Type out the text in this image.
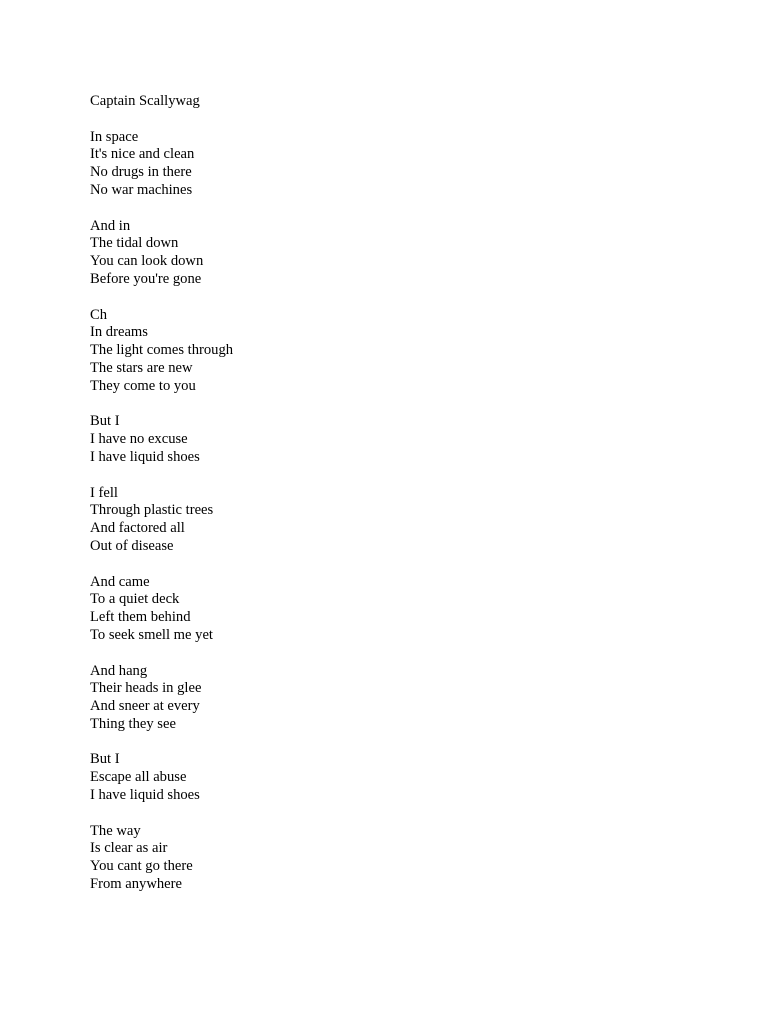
Captain Scallywag
In space
It's nice and clean
No drugs in there
No war machines
And in
The tidal down
You can look down
Before you're gone
Ch
In dreams
The light comes through
The stars are new
They come to you
But I
I have no excuse
I have liquid shoes
I fell
Through plastic trees
And factored all
Out of disease
And came
To a quiet deck
Left them behind
To seek smell me yet
And hang
Their heads in glee
And sneer at every
Thing they see
But I
Escape all abuse
I have liquid shoes
The way
Is clear as air
You cant go there
From anywhere
